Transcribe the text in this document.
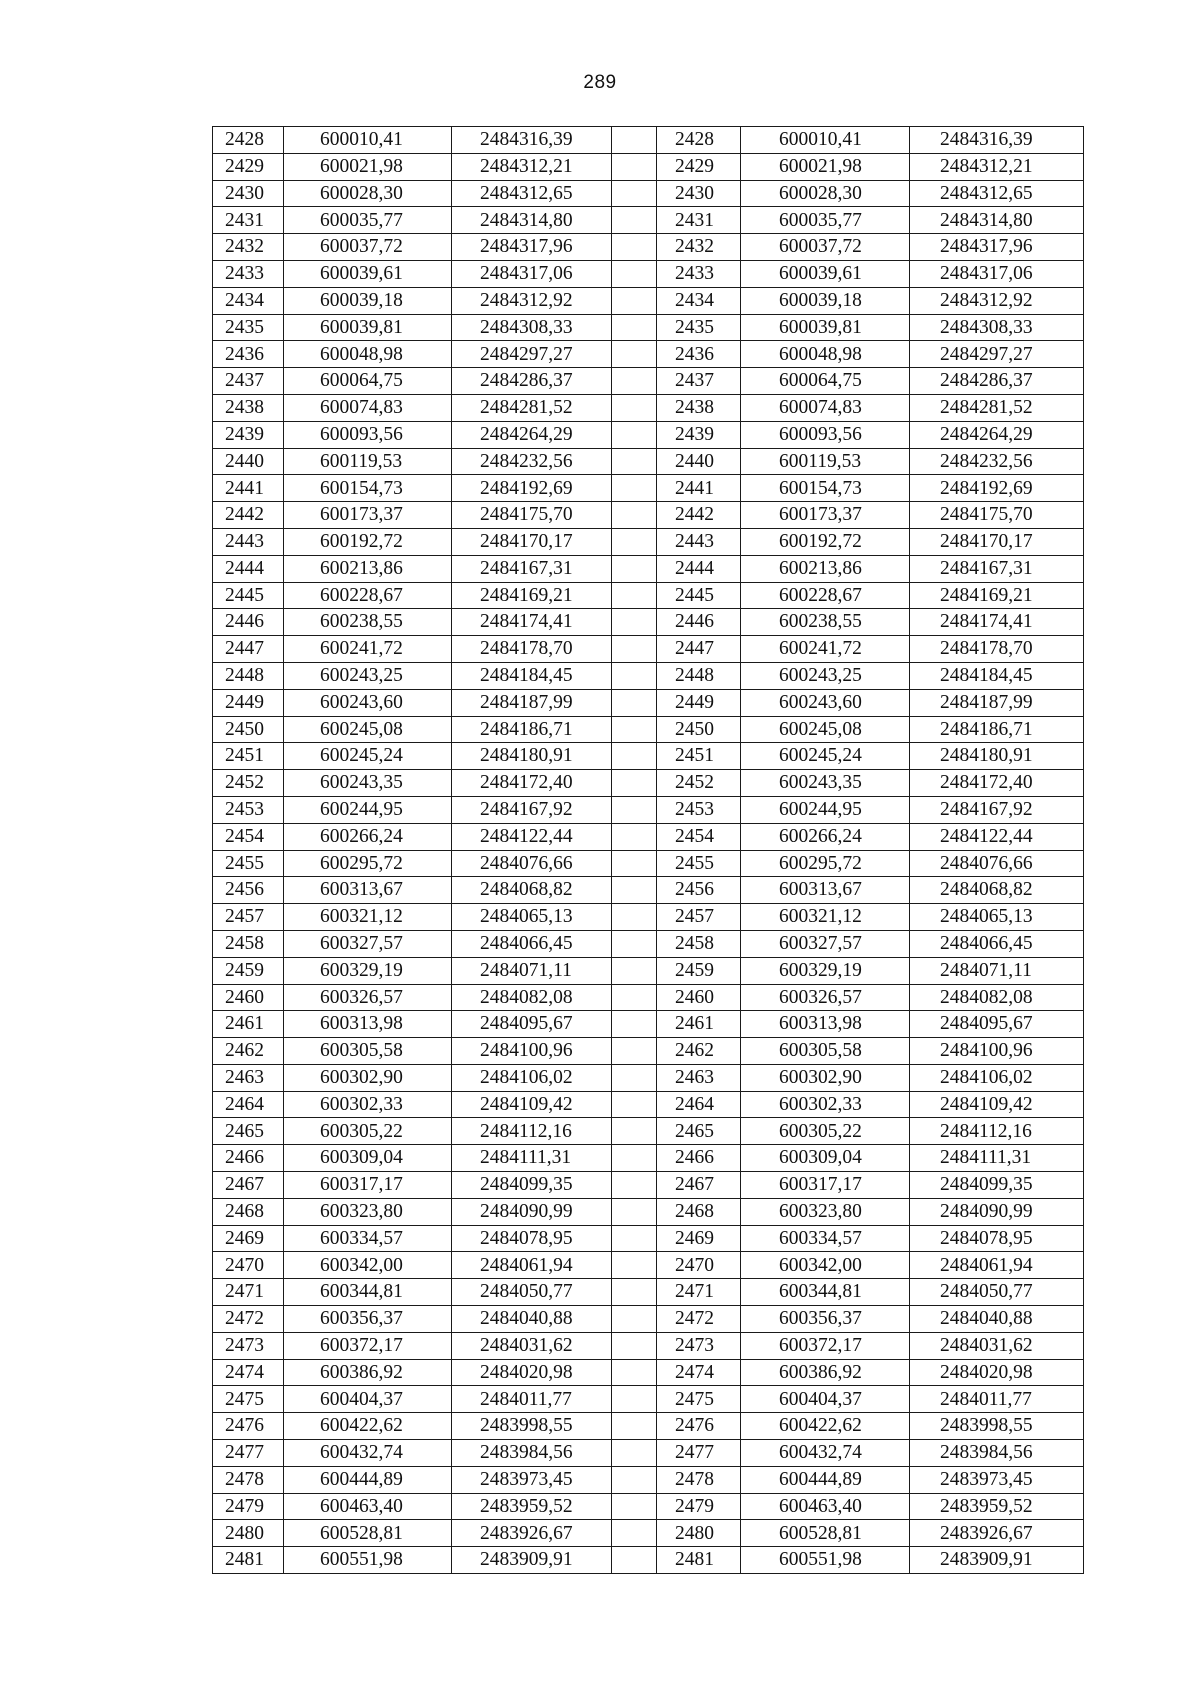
289
2428	600010,41	2484316,39		2428	600010,41	2484316,39
2429	600021,98	2484312,21		2429	600021,98	2484312,21
2430	600028,30	2484312,65		2430	600028,30	2484312,65
2431	600035,77	2484314,80		2431	600035,77	2484314,80
2432	600037,72	2484317,96		2432	600037,72	2484317,96
2433	600039,61	2484317,06		2433	600039,61	2484317,06
2434	600039,18	2484312,92		2434	600039,18	2484312,92
2435	600039,81	2484308,33		2435	600039,81	2484308,33
2436	600048,98	2484297,27		2436	600048,98	2484297,27
2437	600064,75	2484286,37		2437	600064,75	2484286,37
2438	600074,83	2484281,52		2438	600074,83	2484281,52
2439	600093,56	2484264,29		2439	600093,56	2484264,29
2440	600119,53	2484232,56		2440	600119,53	2484232,56
2441	600154,73	2484192,69		2441	600154,73	2484192,69
2442	600173,37	2484175,70		2442	600173,37	2484175,70
2443	600192,72	2484170,17		2443	600192,72	2484170,17
2444	600213,86	2484167,31		2444	600213,86	2484167,31
2445	600228,67	2484169,21		2445	600228,67	2484169,21
2446	600238,55	2484174,41		2446	600238,55	2484174,41
2447	600241,72	2484178,70		2447	600241,72	2484178,70
2448	600243,25	2484184,45		2448	600243,25	2484184,45
2449	600243,60	2484187,99		2449	600243,60	2484187,99
2450	600245,08	2484186,71		2450	600245,08	2484186,71
2451	600245,24	2484180,91		2451	600245,24	2484180,91
2452	600243,35	2484172,40		2452	600243,35	2484172,40
2453	600244,95	2484167,92		2453	600244,95	2484167,92
2454	600266,24	2484122,44		2454	600266,24	2484122,44
2455	600295,72	2484076,66		2455	600295,72	2484076,66
2456	600313,67	2484068,82		2456	600313,67	2484068,82
2457	600321,12	2484065,13		2457	600321,12	2484065,13
2458	600327,57	2484066,45		2458	600327,57	2484066,45
2459	600329,19	2484071,11		2459	600329,19	2484071,11
2460	600326,57	2484082,08		2460	600326,57	2484082,08
2461	600313,98	2484095,67		2461	600313,98	2484095,67
2462	600305,58	2484100,96		2462	600305,58	2484100,96
2463	600302,90	2484106,02		2463	600302,90	2484106,02
2464	600302,33	2484109,42		2464	600302,33	2484109,42
2465	600305,22	2484112,16		2465	600305,22	2484112,16
2466	600309,04	2484111,31		2466	600309,04	2484111,31
2467	600317,17	2484099,35		2467	600317,17	2484099,35
2468	600323,80	2484090,99		2468	600323,80	2484090,99
2469	600334,57	2484078,95		2469	600334,57	2484078,95
2470	600342,00	2484061,94		2470	600342,00	2484061,94
2471	600344,81	2484050,77		2471	600344,81	2484050,77
2472	600356,37	2484040,88		2472	600356,37	2484040,88
2473	600372,17	2484031,62		2473	600372,17	2484031,62
2474	600386,92	2484020,98		2474	600386,92	2484020,98
2475	600404,37	2484011,77		2475	600404,37	2484011,77
2476	600422,62	2483998,55		2476	600422,62	2483998,55
2477	600432,74	2483984,56		2477	600432,74	2483984,56
2478	600444,89	2483973,45		2478	600444,89	2483973,45
2479	600463,40	2483959,52		2479	600463,40	2483959,52
2480	600528,81	2483926,67		2480	600528,81	2483926,67
2481	600551,98	2483909,91		2481	600551,98	2483909,91
